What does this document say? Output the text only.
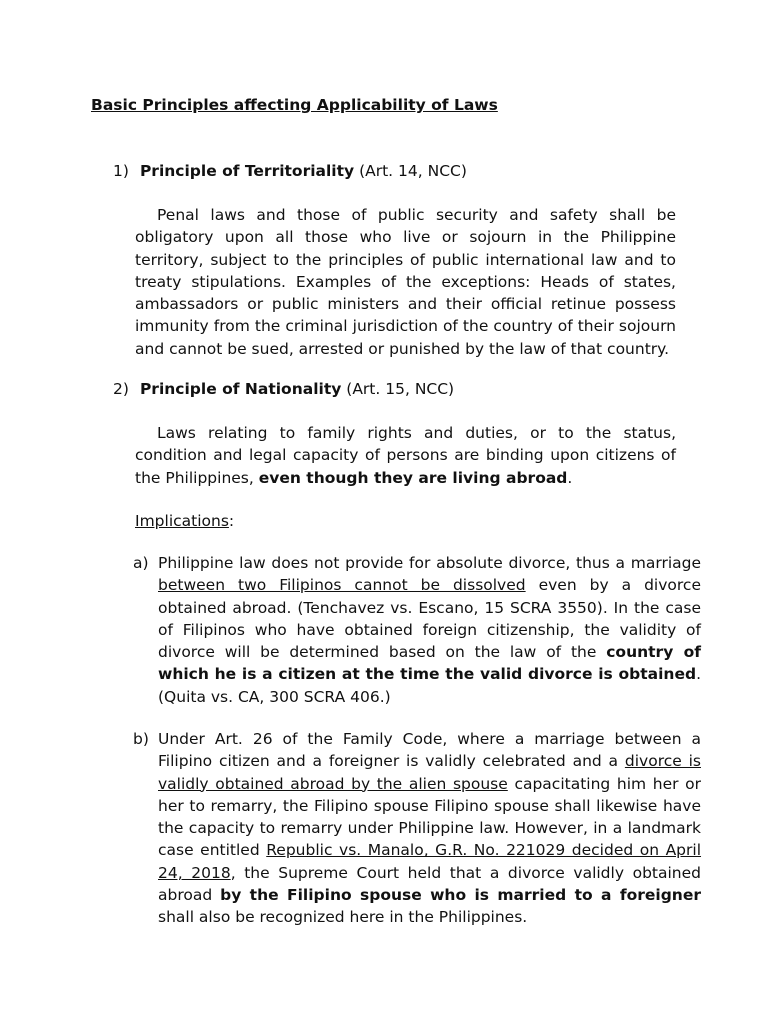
Basic Principles affecting Applicability of Laws

1) Principle of Territoriality (Art. 14, NCC)

Penal laws and those of public security and safety shall be obligatory upon all those who live or sojourn in the Philippine territory, subject to the principles of public international law and to treaty stipulations. Examples of the exceptions: Heads of states, ambassadors or public ministers and their official retinue possess immunity from the criminal jurisdiction of the country of their sojourn and cannot be sued, arrested or punished by the law of that country.

2) Principle of Nationality (Art. 15, NCC)

Laws relating to family rights and duties, or to the status, condition and legal capacity of persons are binding upon citizens of the Philippines, even though they are living abroad.

Implications:

a) Philippine law does not provide for absolute divorce, thus a marriage between two Filipinos cannot be dissolved even by a divorce obtained abroad. (Tenchavez vs. Escano, 15 SCRA 3550). In the case of Filipinos who have obtained foreign citizenship, the validity of divorce will be determined based on the law of the country of which he is a citizen at the time the valid divorce is obtained. (Quita vs. CA, 300 SCRA 406.)

b) Under Art. 26 of the Family Code, where a marriage between a Filipino citizen and a foreigner is validly celebrated and a divorce is validly obtained abroad by the alien spouse capacitating him her or her to remarry, the Filipino spouse Filipino spouse shall likewise have the capacity to remarry under Philippine law. However, in a landmark case entitled Republic vs. Manalo, G.R. No. 221029 decided on April 24, 2018, the Supreme Court held that a divorce validly obtained abroad by the Filipino spouse who is married to a foreigner shall also be recognized here in the Philippines.
